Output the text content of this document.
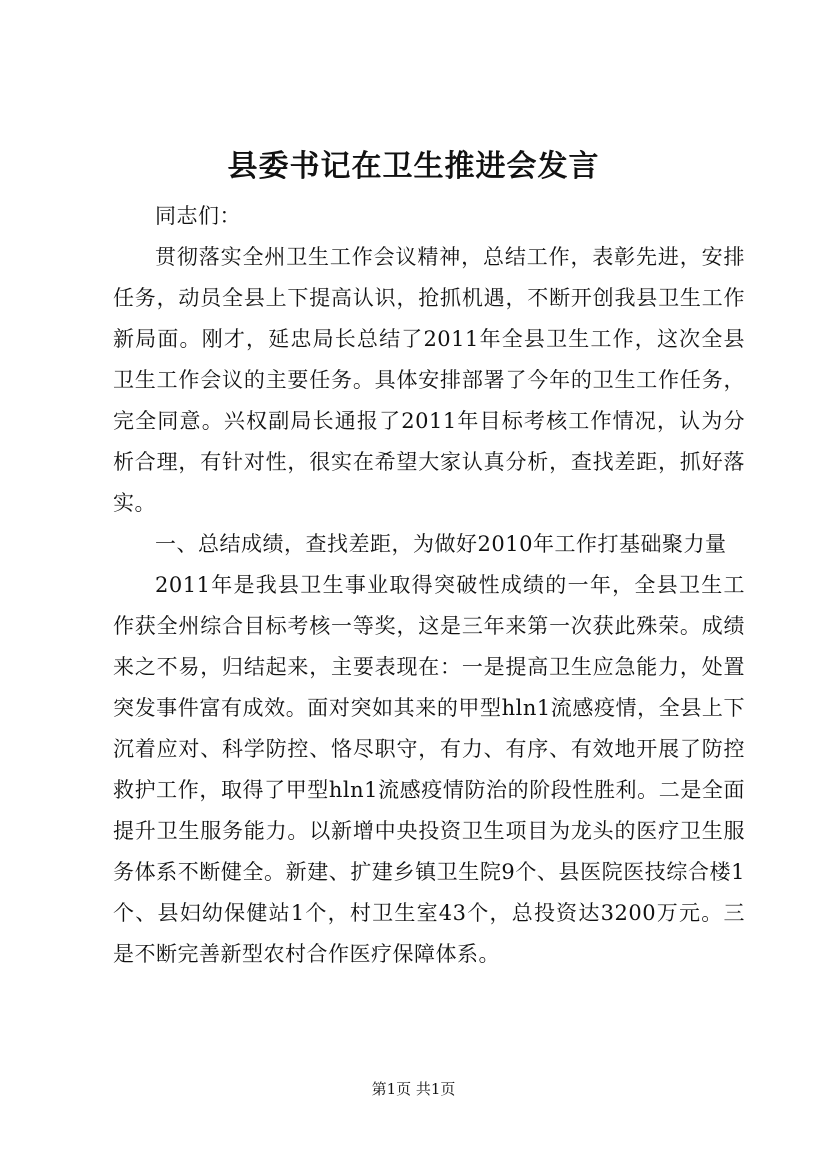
县委书记在卫生推进会发言

同志们：

贯彻落实全州卫生工作会议精神，总结工作，表彰先进，安排任务，动员全县上下提高认识，抢抓机遇，不断开创我县卫生工作新局面。刚才，延忠局长总结了2011年全县卫生工作，这次全县卫生工作会议的主要任务。具体安排部署了今年的卫生工作任务，完全同意。兴权副局长通报了2011年目标考核工作情况，认为分析合理，有针对性，很实在希望大家认真分析，查找差距，抓好落实。

一、总结成绩，查找差距，为做好2010年工作打基础聚力量

2011年是我县卫生事业取得突破性成绩的一年，全县卫生工作获全州综合目标考核一等奖，这是三年来第一次获此殊荣。成绩来之不易，归结起来，主要表现在：一是提高卫生应急能力，处置突发事件富有成效。面对突如其来的甲型hln1流感疫情，全县上下沉着应对、科学防控、恪尽职守，有力、有序、有效地开展了防控救护工作，取得了甲型hln1流感疫情防治的阶段性胜利。二是全面提升卫生服务能力。以新增中央投资卫生项目为龙头的医疗卫生服务体系不断健全。新建、扩建乡镇卫生院9个、县医院医技综合楼1个、县妇幼保健站1个，村卫生室43个，总投资达3200万元。三是不断完善新型农村合作医疗保障体系。

第1页 共1页
